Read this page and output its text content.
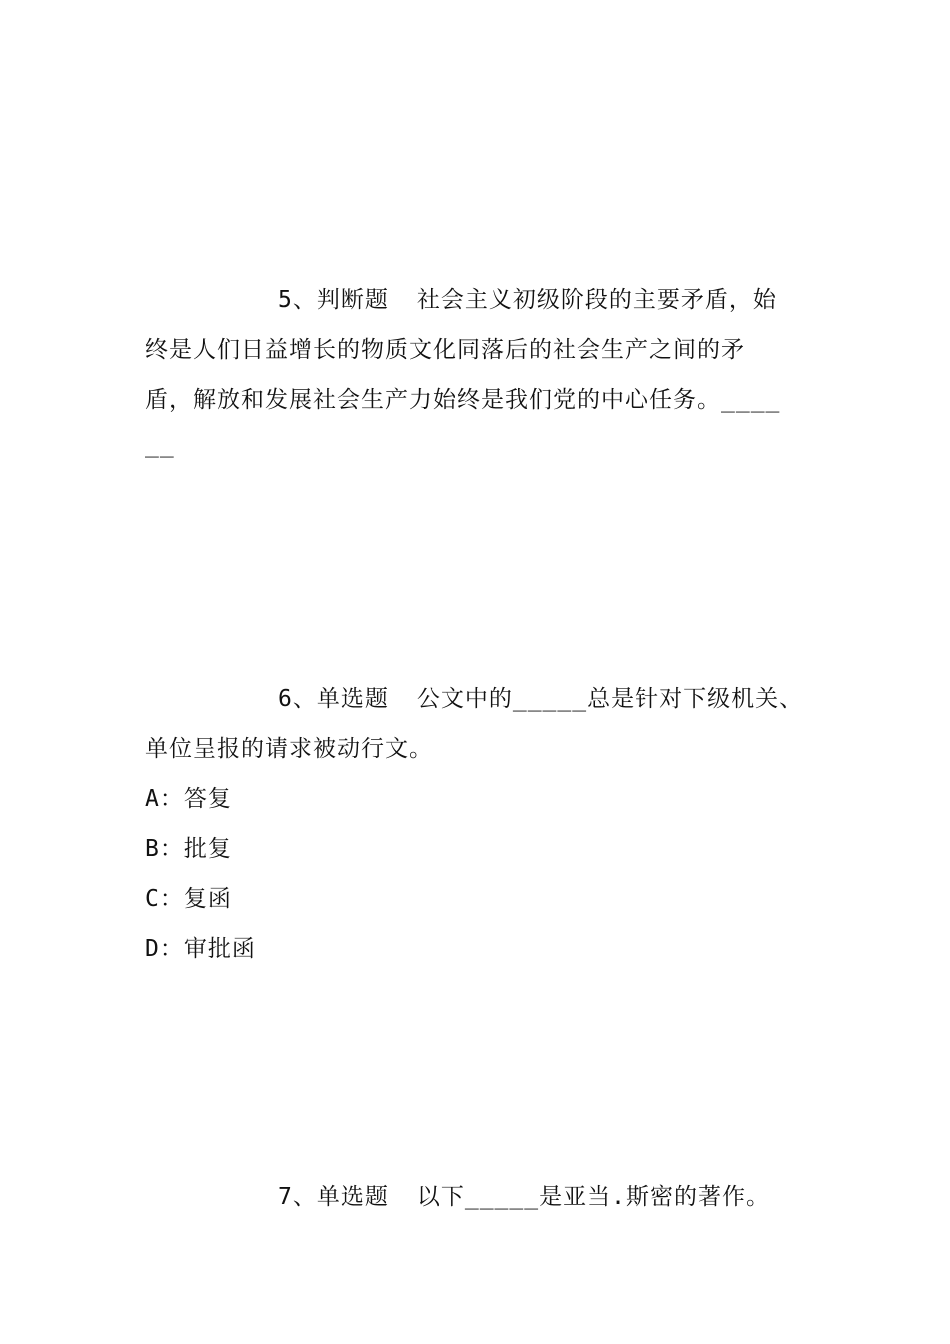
5、判断题 社会主义初级阶段的主要矛盾，始
终是人们日益增长的物质文化同落后的社会生产之间的矛
盾，解放和发展社会生产力始终是我们党的中心任务。____
__
6、单选题 公文中的_____总是针对下级机关、
单位呈报的请求被动行文。
A：答复
B：批复
C：复函
D：审批函
7、单选题 以下_____是亚当.斯密的著作。
